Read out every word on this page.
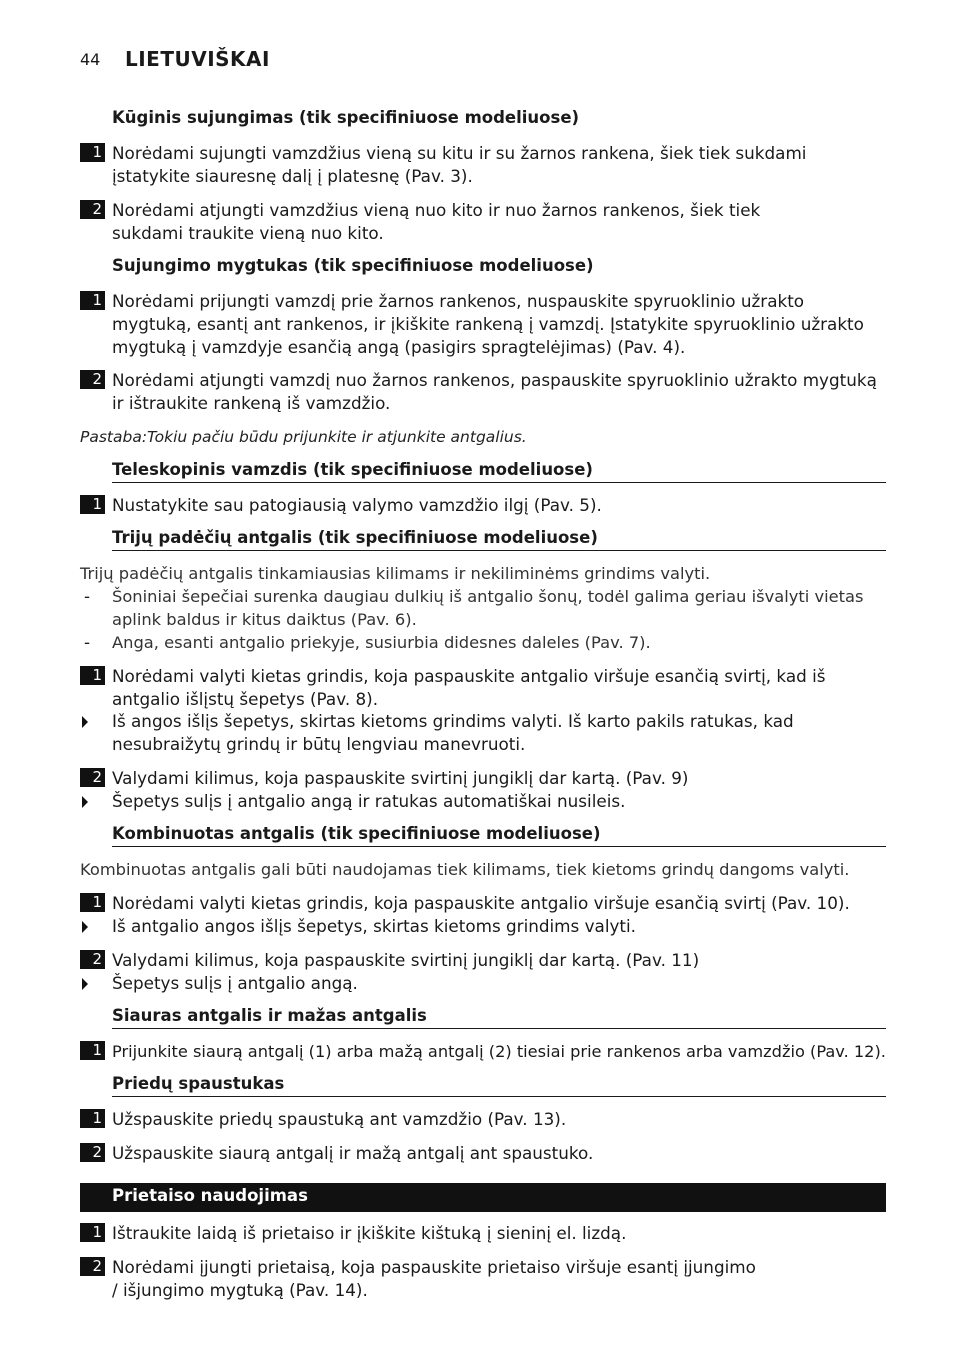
44 LIETUVIŠKAI
Kūginis sujungimas (tik specifiniuose modeliuose)
1 Norėdami sujungti vamzdžius vieną su kitu ir su žarnos rankena, šiek tiek sukdami įstatykite siauresnę dalį į platesnę (Pav. 3).
2 Norėdami atjungti vamzdžius vieną nuo kito ir nuo žarnos rankenos, šiek tiek sukdami traukite vieną nuo kito.
Sujungimo mygtukas (tik specifiniuose modeliuose)
1 Norėdami prijungti vamzdį prie žarnos rankenos, nuspauskite spyruoklinio užrakto mygtuką, esantį ant rankenos, ir įkiškite rankeną į vamzdį. Įstatykite spyruoklinio užrakto mygtuką į vamzdyje esančią angą (pasigirs spragtelėjimas) (Pav. 4).
2 Norėdami atjungti vamzdį nuo žarnos rankenos, paspauskite spyruoklinio užrakto mygtuką ir ištraukite rankeną iš vamzdžio.
Pastaba:Tokiu pačiu būdu prijunkite ir atjunkite antgalius.
Teleskopinis vamzdis (tik specifiniuose modeliuose)
1 Nustatykite sau patogiausią valymo vamzdžio ilgį (Pav. 5).
Trijų padėčių antgalis (tik specifiniuose modeliuose)
Trijų padėčių antgalis tinkamiausias kilimams ir nekiliminėms grindims valyti.
- Šoniniai šepečiai surenka daugiau dulkių iš antgalio šonų, todėl galima geriau išvalyti vietas aplink baldus ir kitus daiktus (Pav. 6).
- Anga, esanti antgalio priekyje, susiurbia didesnes daleles (Pav. 7).
1 Norėdami valyti kietas grindis, koja paspauskite antgalio viršuje esančią svirtį, kad iš antgalio išlįstų šepetys (Pav. 8).
Iš angos išlįs šepetys, skirtas kietoms grindims valyti. Iš karto pakils ratukas, kad nesubraižytų grindų ir būtų lengviau manevruoti.
2 Valydami kilimus, koja paspauskite svirtinį jungiklį dar kartą. (Pav. 9)
Šepetys sulįs į antgalio angą ir ratukas automatiškai nusileis.
Kombinuotas antgalis (tik specifiniuose modeliuose)
Kombinuotas antgalis gali būti naudojamas tiek kilimams, tiek kietoms grindų dangoms valyti.
1 Norėdami valyti kietas grindis, koja paspauskite antgalio viršuje esančią svirtį (Pav. 10).
Iš antgalio angos išlįs šepetys, skirtas kietoms grindims valyti.
2 Valydami kilimus, koja paspauskite svirtinį jungiklį dar kartą. (Pav. 11)
Šepetys sulįs į antgalio angą.
Siauras antgalis ir mažas antgalis
1 Prijunkite siaurą antgalį (1) arba mažą antgalį (2) tiesiai prie rankenos arba vamzdžio (Pav. 12).
Priedų spaustukas
1 Užspauskite priedų spaustuką ant vamzdžio (Pav. 13).
2 Užspauskite siaurą antgalį ir mažą antgalį ant spaustuko.
Prietaiso naudojimas
1 Ištraukite laidą iš prietaiso ir įkiškite kištuką į sieninį el. lizdą.
2 Norėdami įjungti prietaisą, koja paspauskite prietaiso viršuje esantį įjungimo / išjungimo mygtuką (Pav. 14).
